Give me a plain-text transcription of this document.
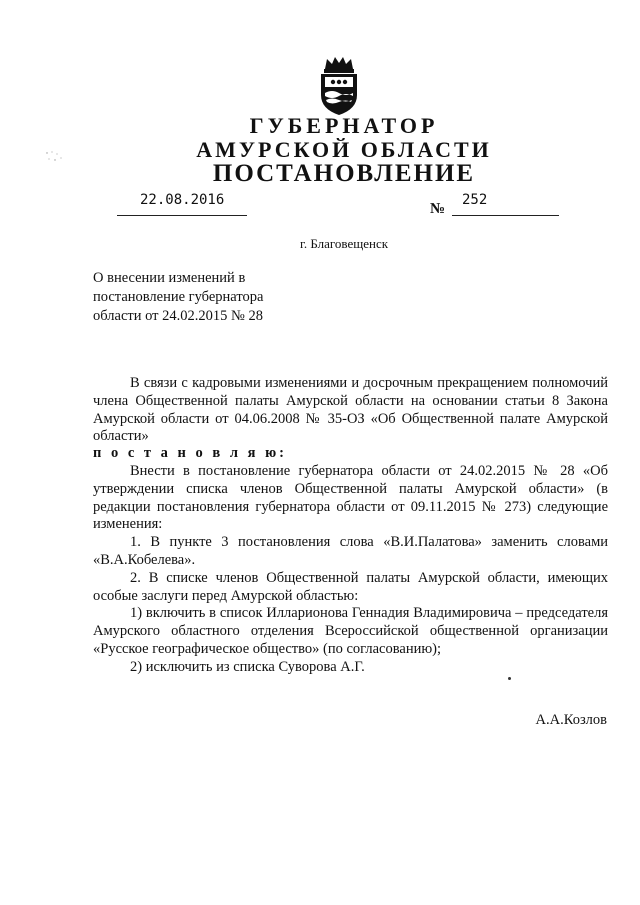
ГУБЕРНАТОР
АМУРСКОЙ ОБЛАСТИ
ПОСТАНОВЛЕНИЕ
22.08.2016
№
252
г. Благовещенск
О внесении изменений в
постановление губернатора
области от 24.02.2015 № 28
В связи с кадровыми изменениями и досрочным прекращением полномочий члена Общественной палаты Амурской области на основании статьи 8 Закона Амурской области от 04.06.2008 № 35-ОЗ «Об Общественной палате Амурской области»
п о с т а н о в л я ю:
Внести в постановление губернатора области от 24.02.2015 № 28 «Об утверждении списка членов Общественной палаты Амурской области» (в редакции постановления губернатора области от 09.11.2015 № 273) следующие изменения:
1. В пункте 3 постановления слова «В.И.Палатова» заменить словами «В.А.Кобелева».
2. В списке членов Общественной палаты Амурской области, имеющих особые заслуги перед Амурской областью:
1) включить в список Илларионова Геннадия Владимировича – председателя Амурского областного отделения Всероссийской общественной организации «Русское географическое общество» (по согласованию);
2) исключить из списка Суворова А.Г.
А.А.Козлов
